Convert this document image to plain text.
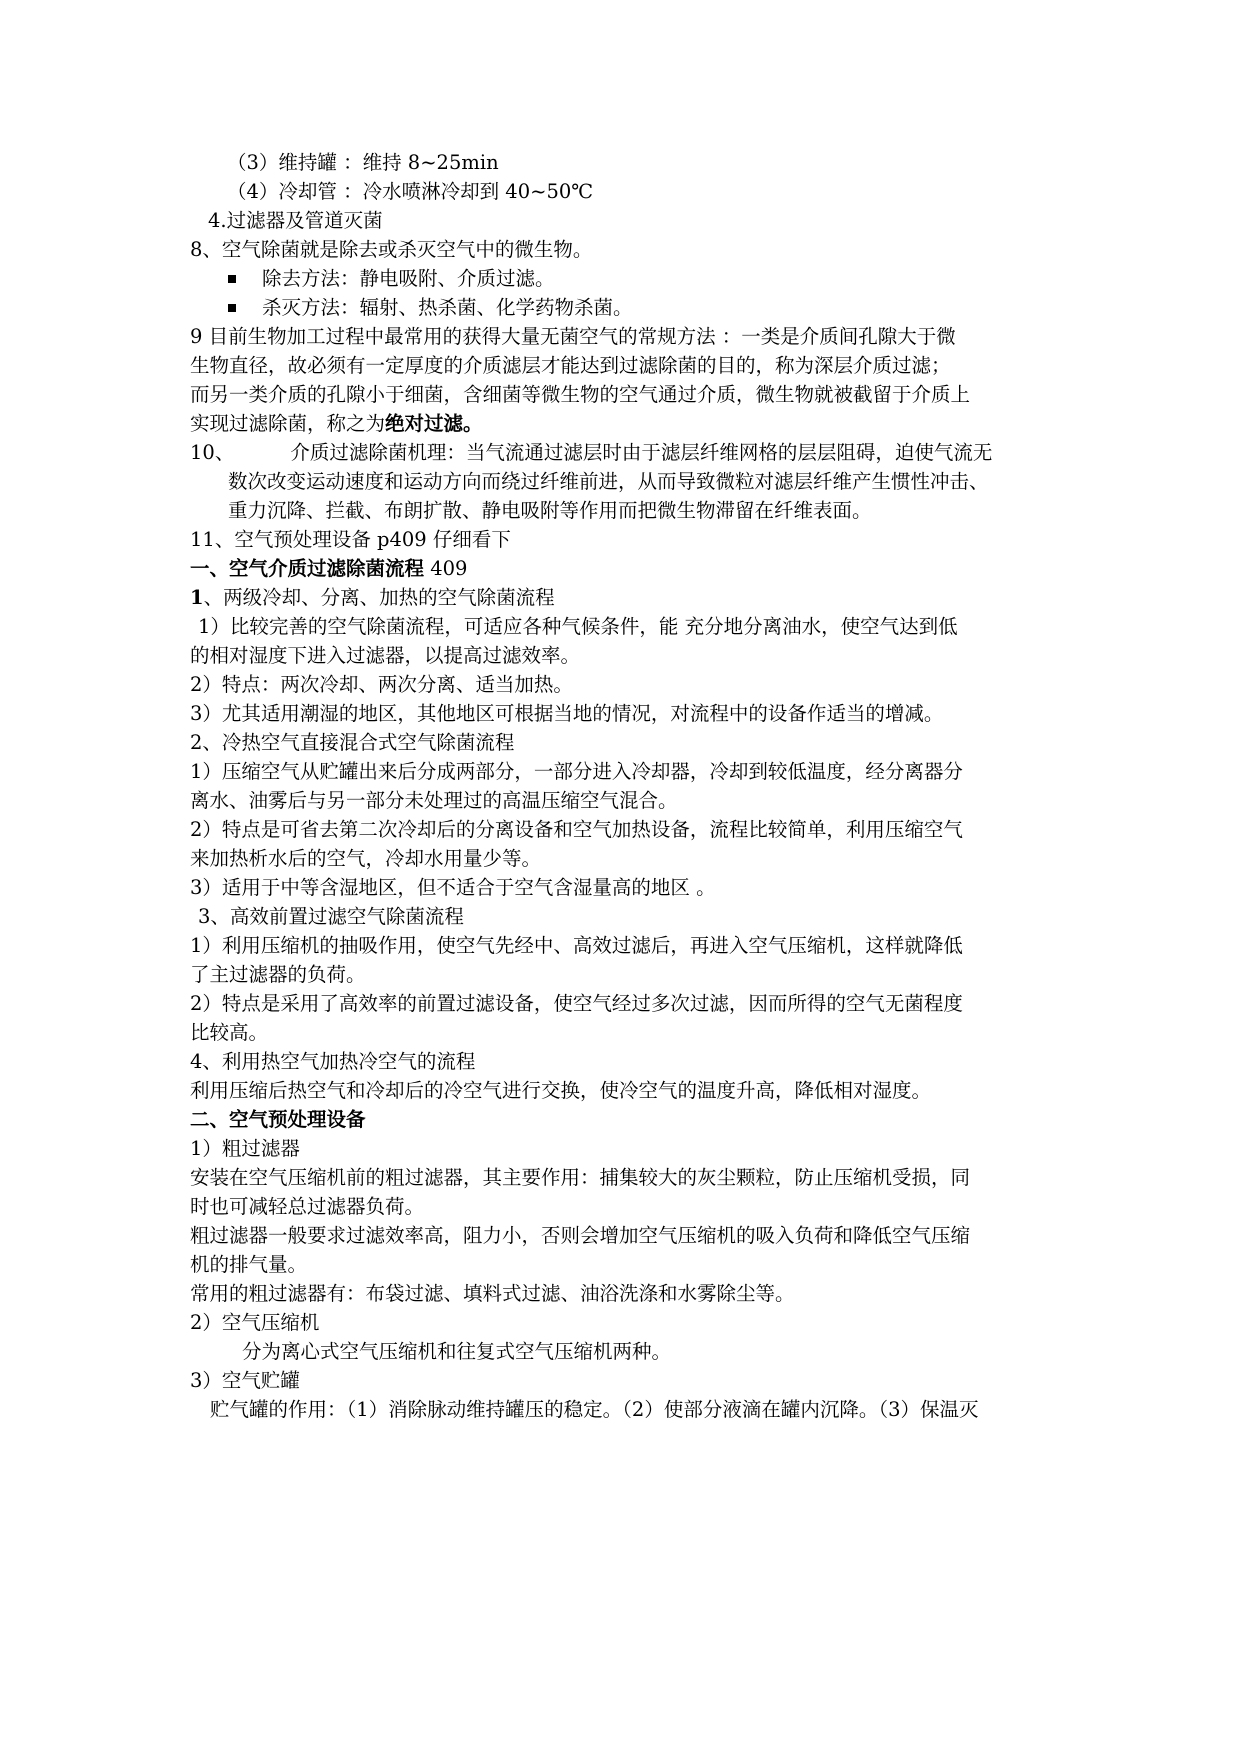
（3）维持罐 ：维持 8~25min
（4）冷却管 ：冷水喷淋冷却到 40~50℃
4.过滤器及管道灭菌
8、空气除菌就是除去或杀灭空气中的微生物。
除去方法：静电吸附、介质过滤。
杀灭方法：辐射、热杀菌、化学药物杀菌。
9 目前生物加工过程中最常用的获得大量无菌空气的常规方法 ：一类是介质间孔隙大于微
生物直径，故必须有一定厚度的介质滤层才能达到过滤除菌的目的，称为深层介质过滤；
而另一类介质的孔隙小于细菌，含细菌等微生物的空气通过介质，微生物就被截留于介质上
实现过滤除菌，称之为绝对过滤。
10、	介质过滤除菌机理：当气流通过滤层时由于滤层纤维网格的层层阻碍，迫使气流无
数次改变运动速度和运动方向而绕过纤维前进，从而导致微粒对滤层纤维产生惯性冲击、
重力沉降、拦截、布朗扩散、静电吸附等作用而把微生物滞留在纤维表面。
11、空气预处理设备 p409 仔细看下
一、空气介质过滤除菌流程 409
1、两级冷却、分离、加热的空气除菌流程
1）比较完善的空气除菌流程，可适应各种气候条件，能 充分地分离油水，使空气达到低
的相对湿度下进入过滤器，以提高过滤效率。
2）特点：两次冷却、两次分离、适当加热。
3）尤其适用潮湿的地区，其他地区可根据当地的情况，对流程中的设备作适当的增减。
2、冷热空气直接混合式空气除菌流程
1）压缩空气从贮罐出来后分成两部分，一部分进入冷却器，冷却到较低温度，经分离器分
离水、油雾后与另一部分未处理过的高温压缩空气混合。
2）特点是可省去第二次冷却后的分离设备和空气加热设备，流程比较简单，利用压缩空气
来加热析水后的空气，冷却水用量少等。
3）适用于中等含湿地区，但不适合于空气含湿量高的地区 。
3、高效前置过滤空气除菌流程
1）利用压缩机的抽吸作用，使空气先经中、高效过滤后，再进入空气压缩机，这样就降低
了主过滤器的负荷。
2）特点是采用了高效率的前置过滤设备，使空气经过多次过滤，因而所得的空气无菌程度
比较高。
4、利用热空气加热冷空气的流程
利用压缩后热空气和冷却后的冷空气进行交换，使冷空气的温度升高，降低相对湿度。
二、空气预处理设备
1）粗过滤器
安装在空气压缩机前的粗过滤器，其主要作用：捕集较大的灰尘颗粒，防止压缩机受损，同
时也可减轻总过滤器负荷。
粗过滤器一般要求过滤效率高，阻力小，否则会增加空气压缩机的吸入负荷和降低空气压缩
机的排气量。
常用的粗过滤器有：布袋过滤、填料式过滤、油浴洗涤和水雾除尘等。
2）空气压缩机
分为离心式空气压缩机和往复式空气压缩机两种。
3）空气贮罐
贮气罐的作用：（1）消除脉动维持罐压的稳定。（2）使部分液滴在罐内沉降。（3）保温灭
